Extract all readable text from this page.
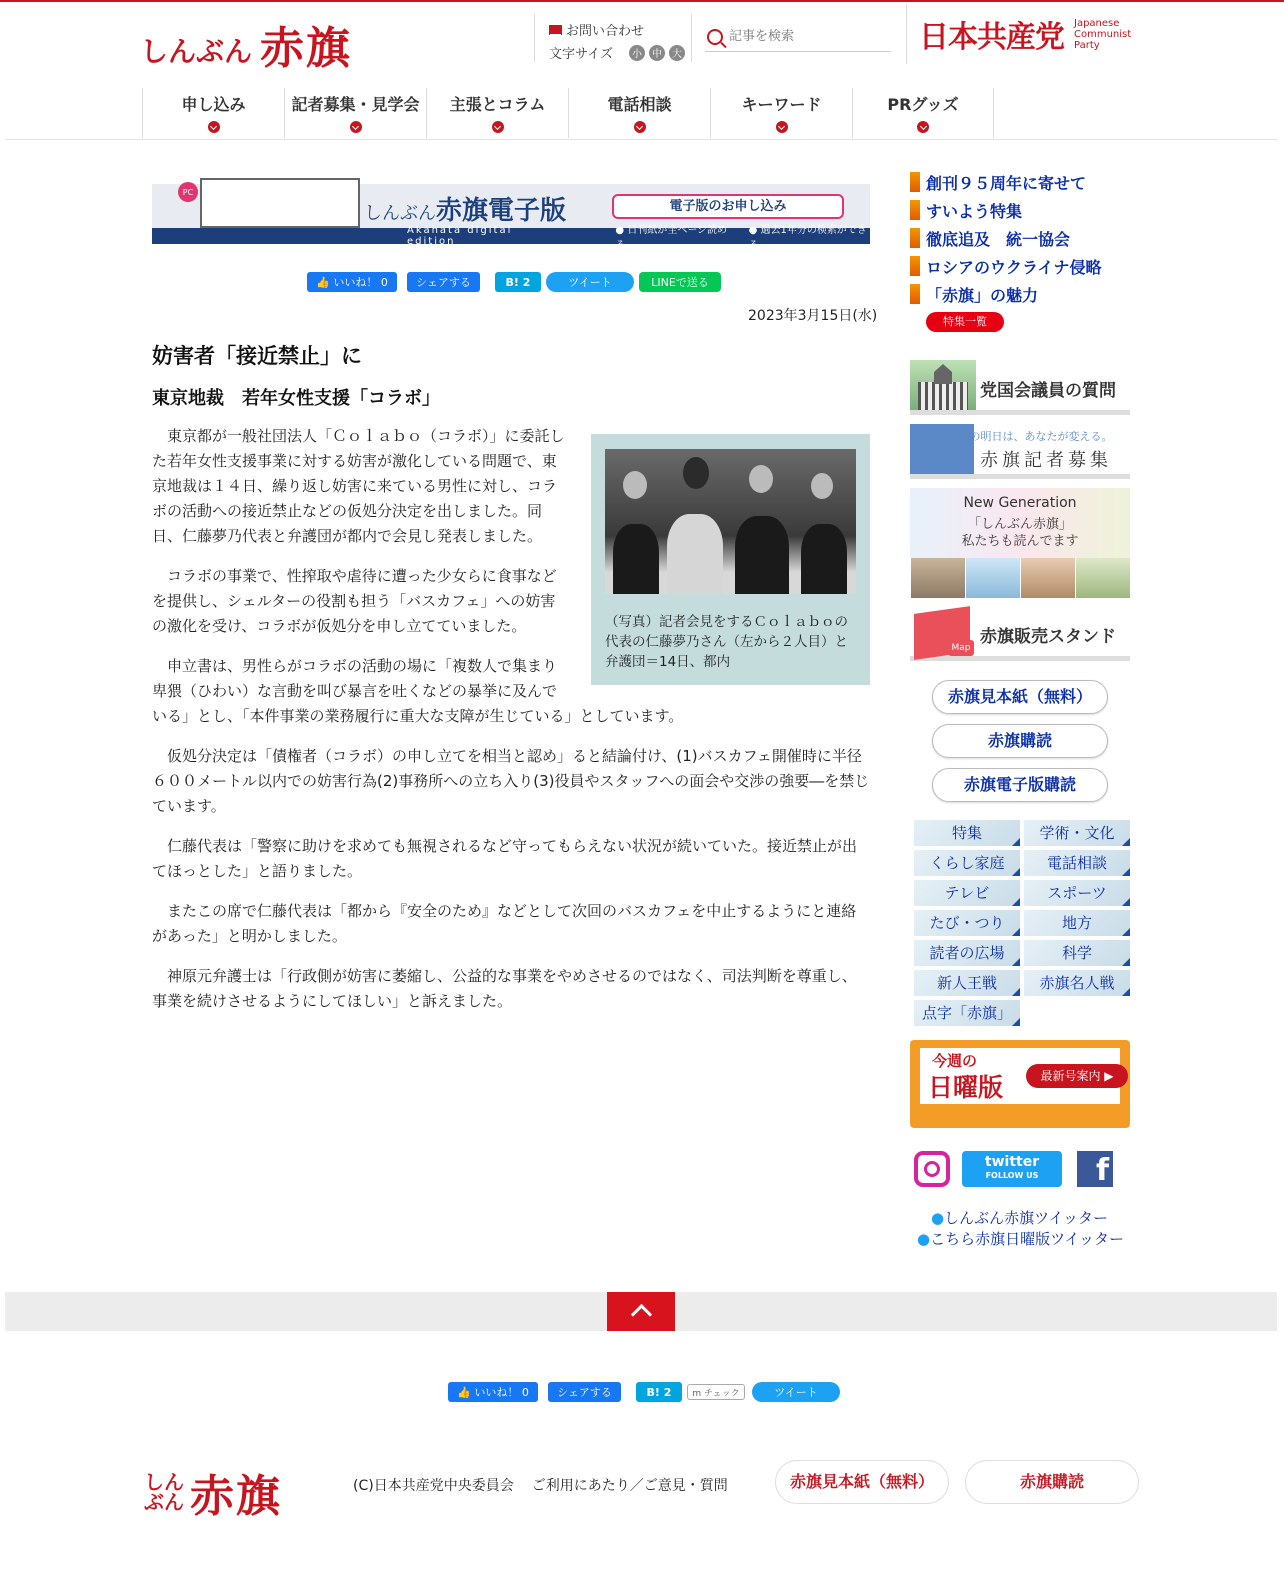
しんぶん 赤旗	お問い合わせ
文字サイズ	小	中	大
記事を検索	日本共産党 Japanese
Communist
Party
申し込み	記者募集・見学会	主張とコラム	電話相談	キーワード	PRグッズ
PC
しんぶん赤旗電子版	電子版のお申し込み
Akahata digital edition
● 日刊紙が全ページ読める
● 過去1年分の検索ができる
👍 いいね！ 0	シェアする	B! 2	ツイート	LINEで送る
2023年3月15日(水)
妨害者「接近禁止」に
東京地裁　若年女性支援「コラボ」
（写真）記者会見をするＣｏｌａｂｏの代表の仁藤夢乃さん（左から２人目）と弁護団＝14日、都内

東京都が一般社団法人「Ｃｏｌａｂｏ（コラボ）」に委託した若年女性支援事業に対する妨害が激化している問題で、東京地裁は１４日、繰り返し妨害に来ている男性に対し、コラボの活動への接近禁止などの仮処分決定を出しました。同日、仁藤夢乃代表と弁護団が都内で会見し発表しました。

コラボの事業で、性搾取や虐待に遭った少女らに食事などを提供し、シェルターの役割も担う「バスカフェ」への妨害の激化を受け、コラボが仮処分を申し立てていました。

申立書は、男性らがコラボの活動の場に「複数人で集まり卑猥（ひわい）な言動を叫び暴言を吐くなどの暴挙に及んでいる」とし、「本件事業の業務履行に重大な支障が生じている」としています。

仮処分決定は「債権者（コラボ）の申し立てを相当と認め」ると結論付け、(1)バスカフェ開催時に半径６００メートル以内での妨害行為(2)事務所への立ち入り(3)役員やスタッフへの面会や交渉の強要―を禁じています。

仁藤代表は「警察に助けを求めても無視されるなど守ってもらえない状況が続いていた。接近禁止が出てほっとした」と語りました。

またこの席で仁藤代表は「都から『安全のため』などとして次回のバスカフェを中止するようにと連絡があった」と明かしました。

神原元弁護士は「行政側が妨害に萎縮し、公益的な事業をやめさせるのではなく、司法判断を尊重し、事業を続けさせるようにしてほしい」と訴えました。

創刊９５周年に寄せて
すいよう特集
徹底追及　統一協会
ロシアのウクライナ侵略
「赤旗」の魅力
特集一覧
党国会議員の質問
ニュースの明日は、あなたが変える。
赤旗記者募集
New Generation
「しんぶん赤旗」
私たちも読んでます
Map
赤旗販売スタンド
赤旗見本紙（無料）
赤旗購読
赤旗電子版購読
特集	学術・文化
くらし家庭	電話相談
テレビ	スポーツ
たび・つり	地方
読者の広場	科学
新人王戦	赤旗名人戦
点字「赤旗」
今週の
日曜版	最新号案内 ▶
twitter
FOLLOW US	f
●しんぶん赤旗ツイッター
●こちら赤旗日曜版ツイッター
👍 いいね！ 0	シェアする	B! 2	m チェック	ツイート
しんぶん 赤旗	(C)日本共産党中央委員会 ご利用にあたり／ご意見・質問	赤旗見本紙（無料）	赤旗購読
